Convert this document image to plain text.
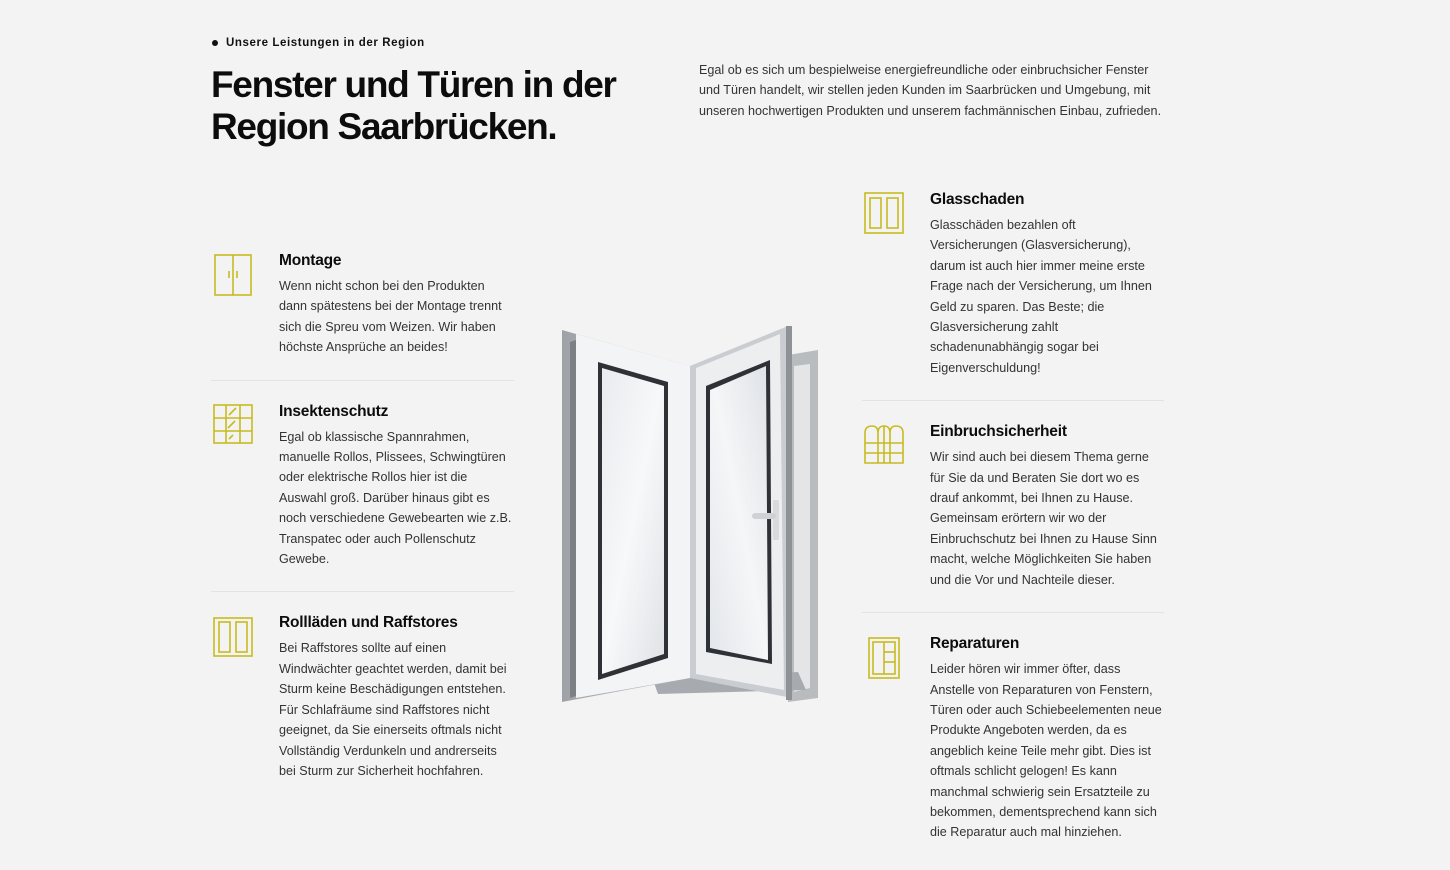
Unsere Leistungen in der Region
Fenster und Türen in der
Region Saarbrücken.

Egal ob es sich um bespielweise energiefreundliche oder einbruchsicher Fenster und Türen handelt, wir stellen jeden Kunden im Saarbrücken und Umgebung, mit unseren hochwertigen Produkten und unserem fachmännischen Einbau, zufrieden.

Montage

Wenn nicht schon bei den Produkten dann spätestens bei der Montage trennt sich die Spreu vom Weizen. Wir haben höchste Ansprüche an beides!

Insektenschutz

Egal ob klassische Spannrahmen, manuelle Rollos, Plissees, Schwingtüren oder elektrische Rollos hier ist die Auswahl groß. Darüber hinaus gibt es noch verschiedene Gewebearten wie z.B. Transpatec oder auch Pollenschutz Gewebe.

Rollläden und Raffstores

Bei Raffstores sollte auf einen Windwächter geachtet werden, damit bei Sturm keine Beschädigungen entstehen. Für Schlafräume sind Raffstores nicht geeignet, da Sie einerseits oftmals nicht Vollständig Verdunkeln und andrerseits bei Sturm zur Sicherheit hochfahren.

Glasschaden

Glasschäden bezahlen oft Versicherungen (Glasversicherung), darum ist auch hier immer meine erste Frage nach der Versicherung, um Ihnen Geld zu sparen. Das Beste; die Glasversicherung zahlt schadenunabhängig sogar bei Eigenverschuldung!

Einbruchsicherheit

Wir sind auch bei diesem Thema gerne für Sie da und Beraten Sie dort wo es drauf ankommt, bei Ihnen zu Hause. Gemeinsam erörtern wir wo der Einbruchschutz bei Ihnen zu Hause Sinn macht, welche Möglichkeiten Sie haben und die Vor und Nachteile dieser.

Reparaturen

Leider hören wir immer öfter, dass Anstelle von Reparaturen von Fenstern, Türen oder auch Schiebeelementen neue Produkte Angeboten werden, da es angeblich keine Teile mehr gibt. Dies ist oftmals schlicht gelogen! Es kann manchmal schwierig sein Ersatzteile zu bekommen, dementsprechend kann sich die Reparatur auch mal hinziehen.
